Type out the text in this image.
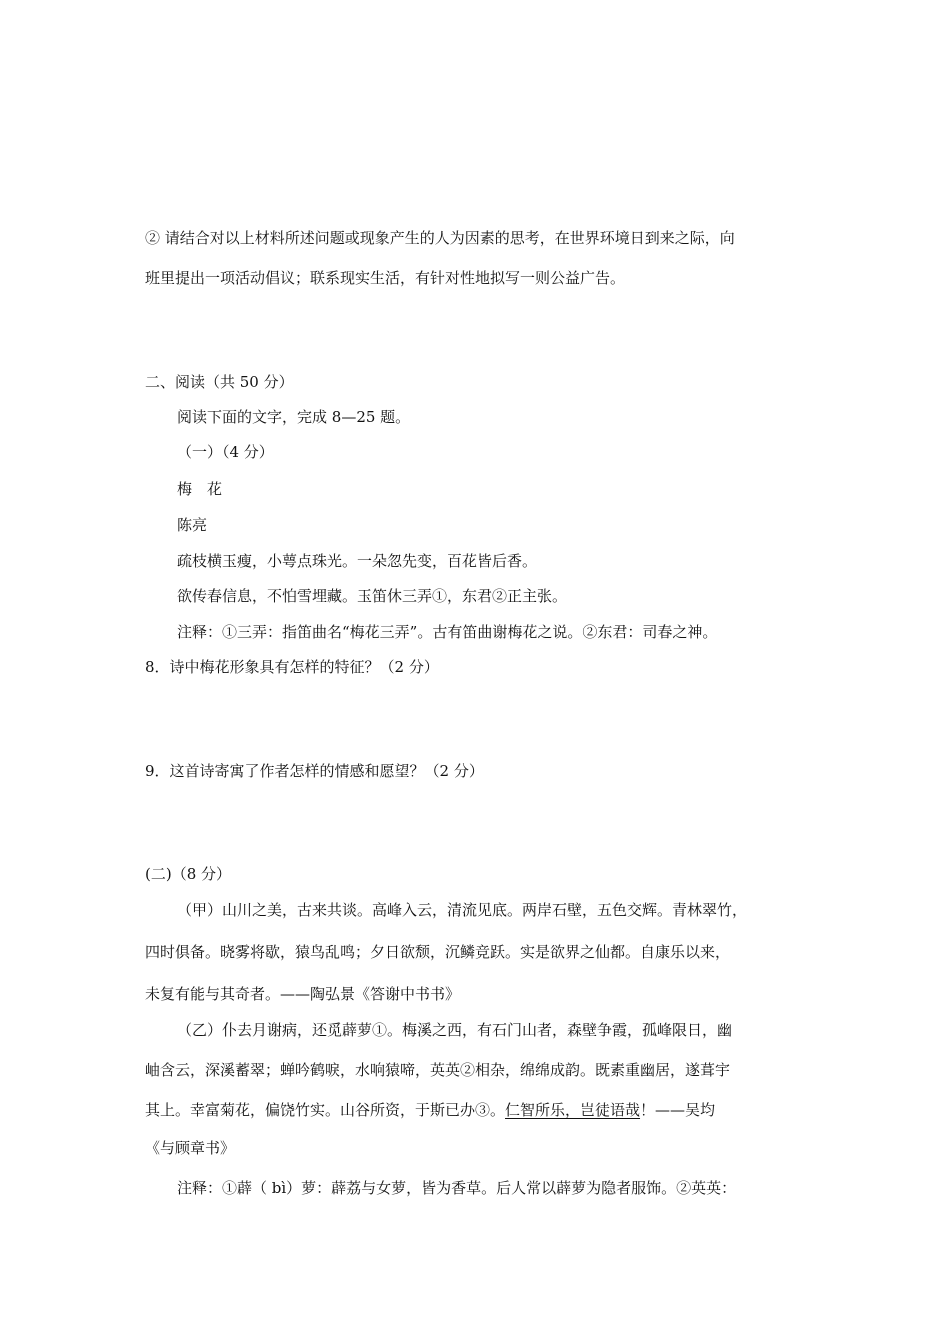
② 请结合对以上材料所述问题或现象产生的人为因素的思考，在世界环境日到来之际，向
班里提出一项活动倡议；联系现实生活，有针对性地拟写一则公益广告。
二、阅读（共 50 分）
阅读下面的文字，完成 8—25 题。
（一）（4 分）
梅　花
陈亮
疏枝横玉瘦，小萼点珠光。一朵忽先变，百花皆后香。
欲传春信息，不怕雪埋藏。玉笛休三弄①，东君②正主张。
注释：①三弄：指笛曲名“梅花三弄”。古有笛曲谢梅花之说。②东君：司春之神。
8．诗中梅花形象具有怎样的特征？（2 分）
9．这首诗寄寓了作者怎样的情感和愿望？（2 分）
(二)（8 分）
（甲）山川之美，古来共谈。高峰入云，清流见底。两岸石壁，五色交辉。青林翠竹，
四时俱备。晓雾将歇，猿鸟乱鸣；夕日欲颓，沉鳞竞跃。实是欲界之仙都。自康乐以来，
未复有能与其奇者。——陶弘景《答谢中书书》
（乙）仆去月谢病，还觅薜萝①。梅溪之西，有石门山者，森壁争霞，孤峰限日，幽
岫含云，深溪蓄翠；蝉吟鹤唳，水响猿啼，英英②相杂，绵绵成韵。既素重幽居，遂葺宇
其上。幸富菊花，偏饶竹实。山谷所资，于斯已办③。仁智所乐，岂徒语哉！——吴均
《与顾章书》
注释：①薜（ bì）萝：薜荔与女萝，皆为香草。后人常以薜萝为隐者服饰。②英英：
